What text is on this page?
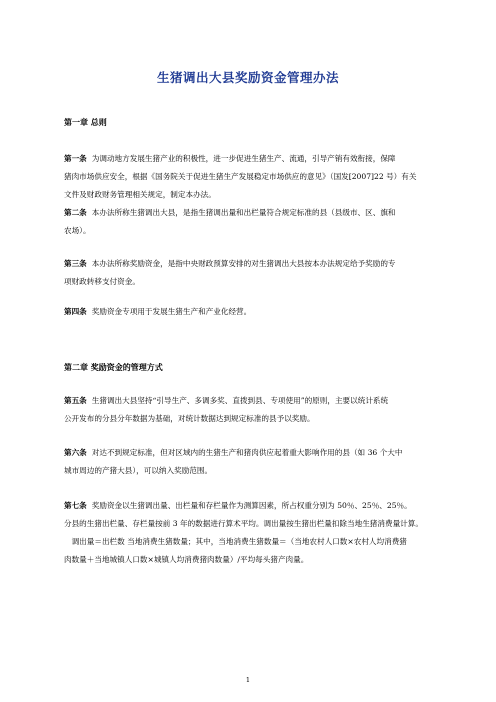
生猪调出大县奖励资金管理办法
第一章 总则
第一条 为调动地方发展生猪产业的积极性，进一步促进生猪生产、流通，引导产销有效衔接，保障
猪肉市场供应安全，根据《国务院关于促进生猪生产发展稳定市场供应的意见》（国发[2007]22 号）有关
文件及财政财务管理相关规定，制定本办法。
第二条 本办法所称生猪调出大县，是指生猪调出量和出栏量符合规定标准的县（县级市、区、旗和
农场）。
第三条 本办法所称奖励资金，是指中央财政预算安排的对生猪调出大县按本办法规定给予奖励的专
项财政转移支付资金。
第四条 奖励资金专项用于发展生猪生产和产业化经营。
第二章 奖励资金的管理方式
第五条 生猪调出大县坚持“引导生产、多调多奖、直拨到县、专项使用”的原则，主要以统计系统
公开发布的分县分年数据为基础，对统计数据达到规定标准的县予以奖励。
第六条 对达不到规定标准，但对区域内的生猪生产和猪肉供应起着重大影响作用的县（如 36 个大中
城市周边的产猪大县），可以纳入奖励范围。
第七条 奖励资金以生猪调出量、出栏量和存栏量作为测算因素，所占权重分别为 50％、25％、25％。
分县的生猪出栏量、存栏量按前 3 年的数据进行算术平均。调出量按生猪出栏量扣除当地生猪消费量计算。
　调出量＝出栏数 当地消费生猪数量；其中，当地消费生猪数量＝（当地农村人口数×农村人均消费猪
肉数量＋当地城镇人口数×城镇人均消费猪肉数量）/平均每头猪产肉量。
1
